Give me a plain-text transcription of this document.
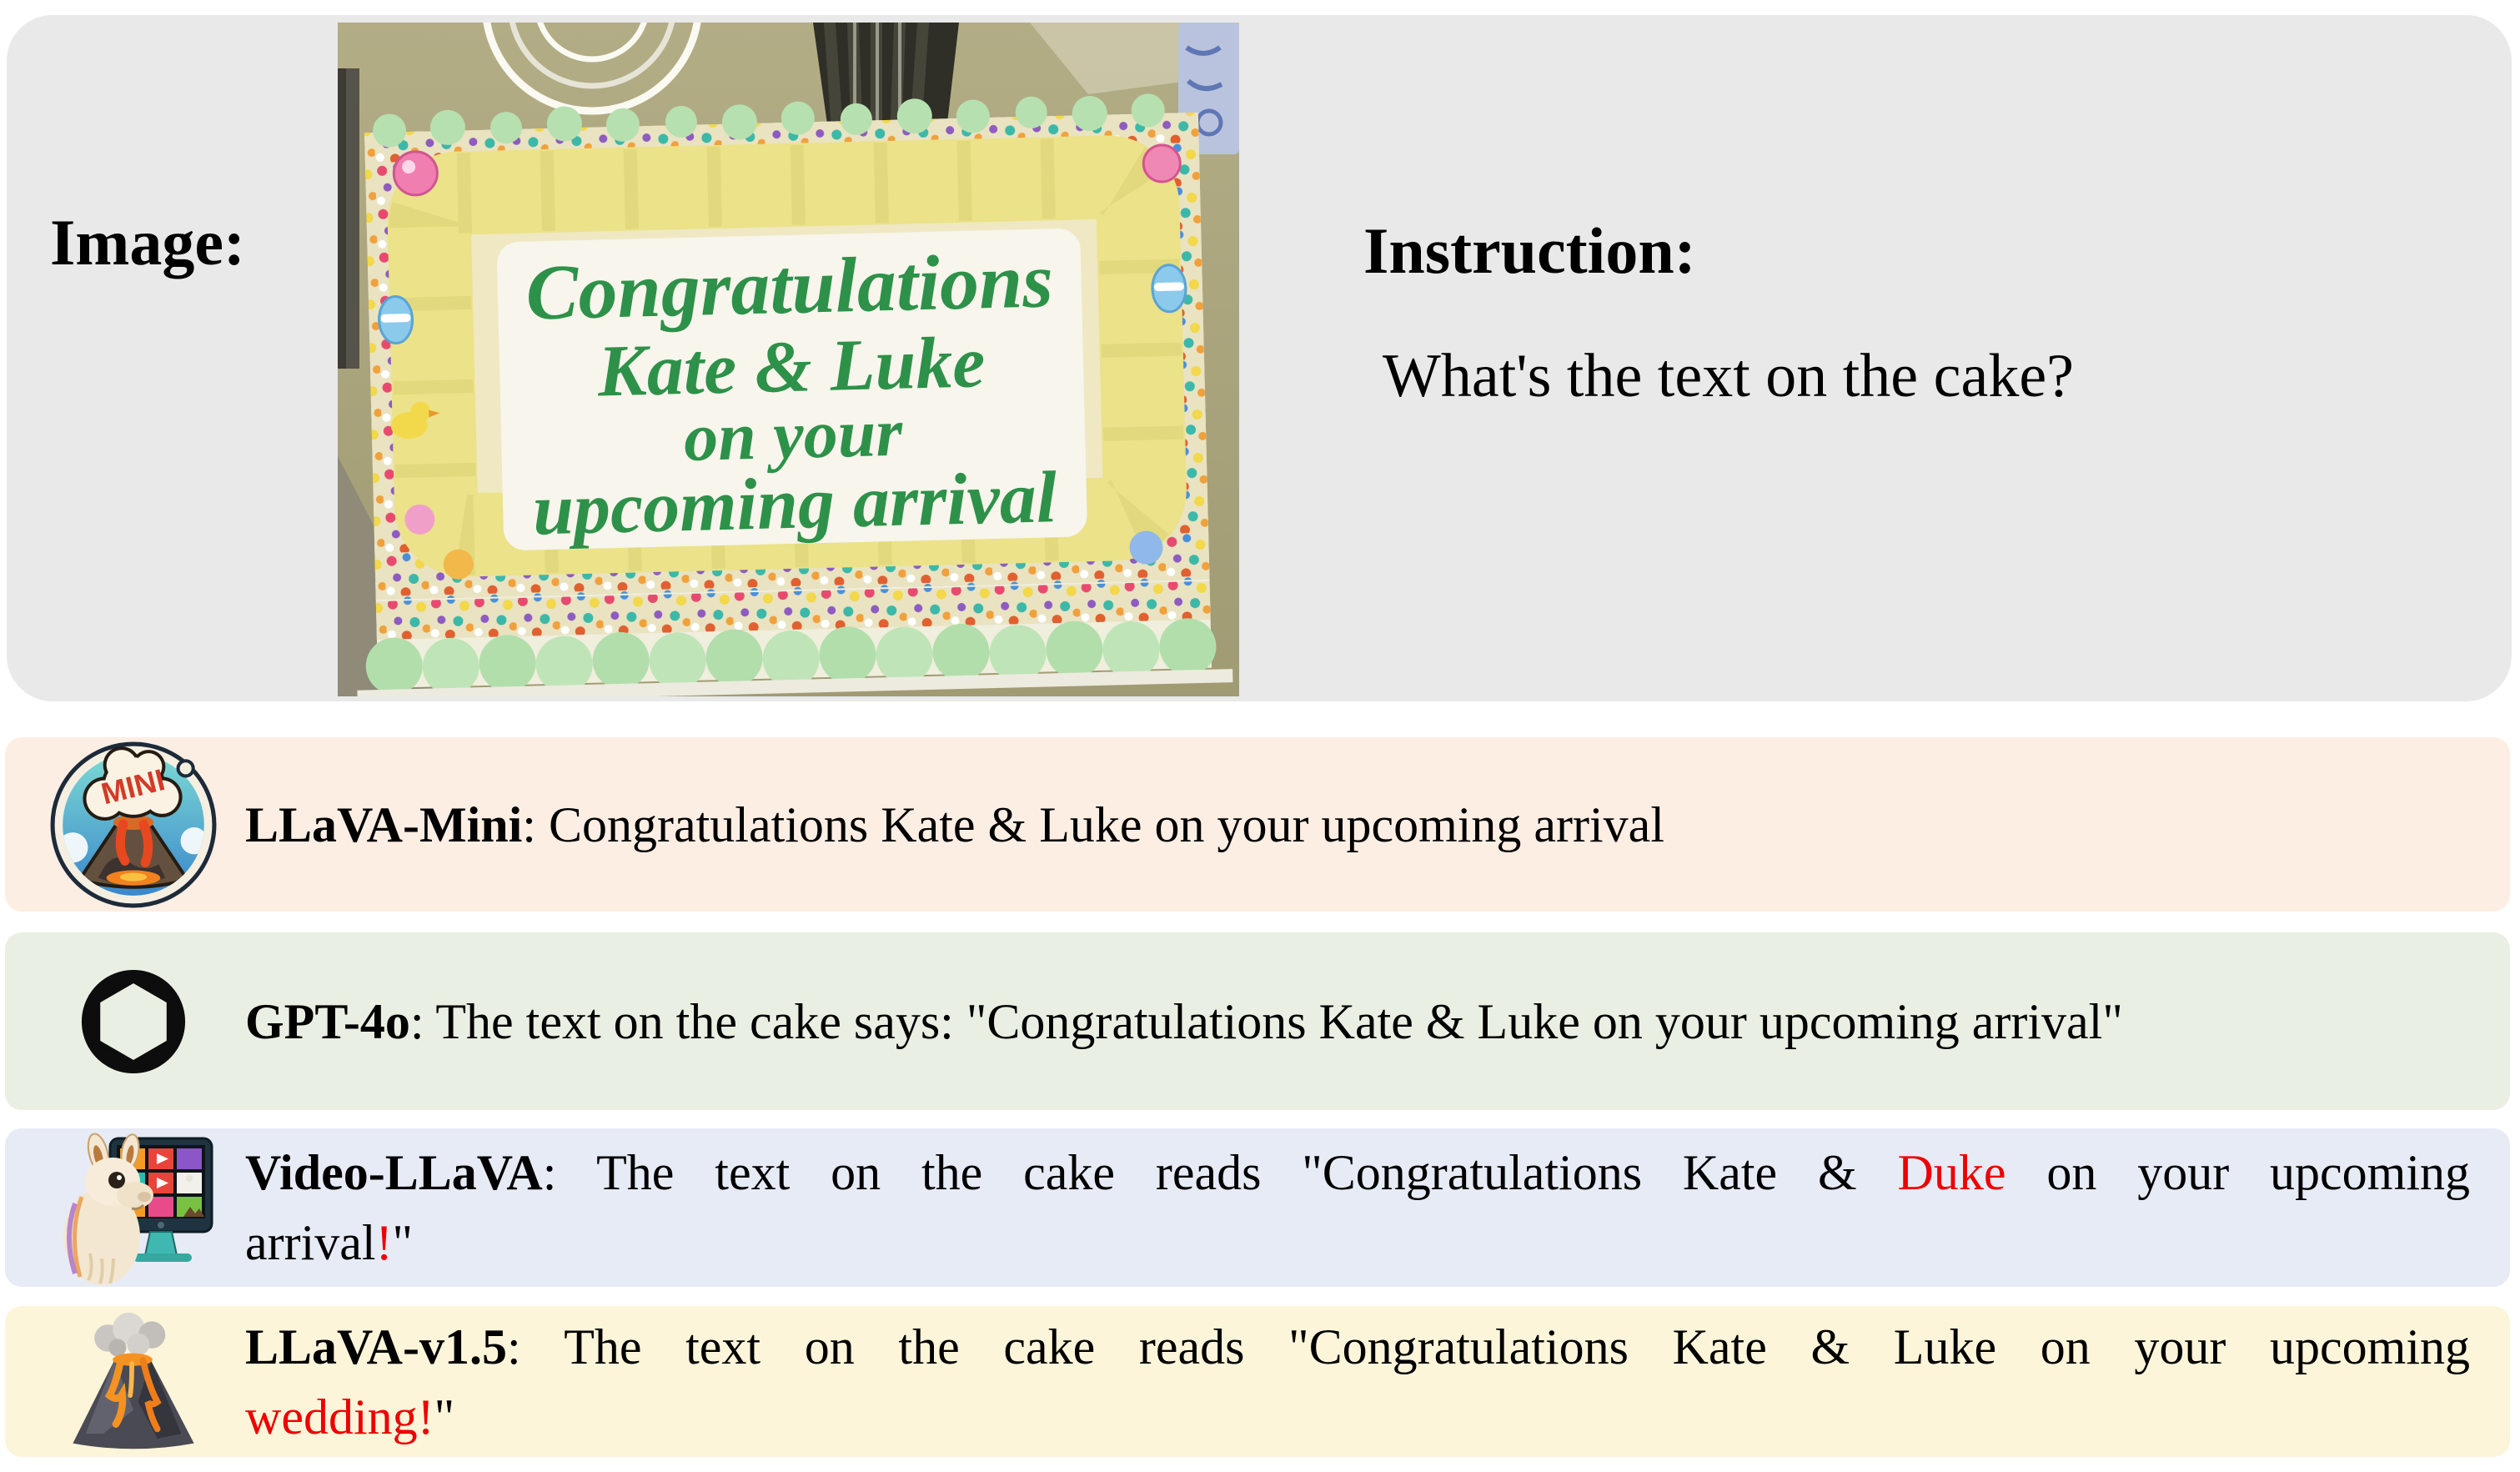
Image:	Instruction:
What's the text on the cake?
Congratulations
Kate & Luke
on your
upcoming arrival
MINI
LLaVA-Mini: Congratulations Kate & Luke on your upcoming arrival
GPT-4o: The text on the cake says: "Congratulations Kate & Luke on your upcoming arrival"
Video-LLaVA: The text on the cake reads "Congratulations Kate & Duke on your upcoming
arrival!"
LLaVA-v1.5: The text on the cake reads "Congratulations Kate & Luke on your upcoming
wedding!"
